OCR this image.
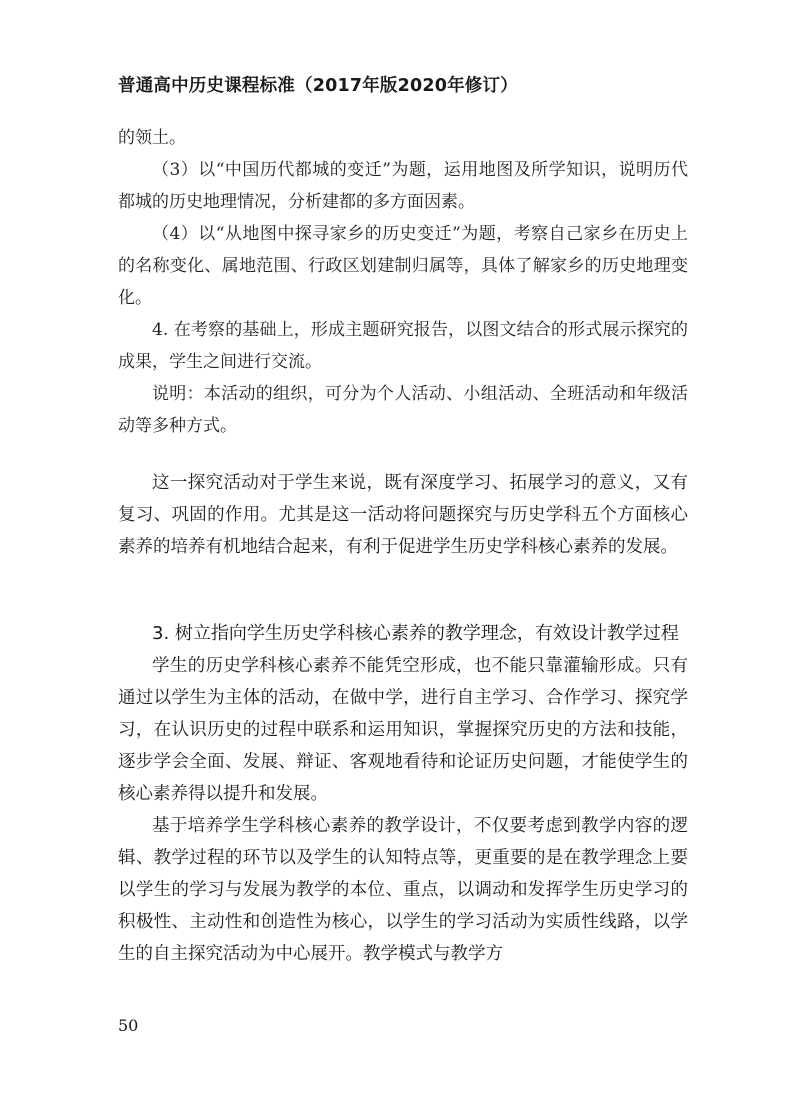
普通高中历史课程标准（2017年版2020年修订）

的领土。

（3）以“中国历代都城的变迁”为题，运用地图及所学知识，说明历代都城的历史地理情况，分析建都的多方面因素。

（4）以“从地图中探寻家乡的历史变迁”为题，考察自己家乡在历史上的名称变化、属地范围、行政区划建制归属等，具体了解家乡的历史地理变化。

4. 在考察的基础上，形成主题研究报告，以图文结合的形式展示探究的成果，学生之间进行交流。

说明：本活动的组织，可分为个人活动、小组活动、全班活动和年级活动等多种方式。

这一探究活动对于学生来说，既有深度学习、拓展学习的意义，又有复习、巩固的作用。尤其是这一活动将问题探究与历史学科五个方面核心素养的培养有机地结合起来，有利于促进学生历史学科核心素养的发展。

3. 树立指向学生历史学科核心素养的教学理念，有效设计教学过程

学生的历史学科核心素养不能凭空形成，也不能只靠灌输形成。只有通过以学生为主体的活动，在做中学，进行自主学习、合作学习、探究学习，在认识历史的过程中联系和运用知识，掌握探究历史的方法和技能，逐步学会全面、发展、辩证、客观地看待和论证历史问题，才能使学生的核心素养得以提升和发展。

基于培养学生学科核心素养的教学设计，不仅要考虑到教学内容的逻辑、教学过程的环节以及学生的认知特点等，更重要的是在教学理念上要以学生的学习与发展为教学的本位、重点，以调动和发挥学生历史学习的积极性、主动性和创造性为核心，以学生的学习活动为实质性线路，以学生的自主探究活动为中心展开。教学模式与教学方

50
